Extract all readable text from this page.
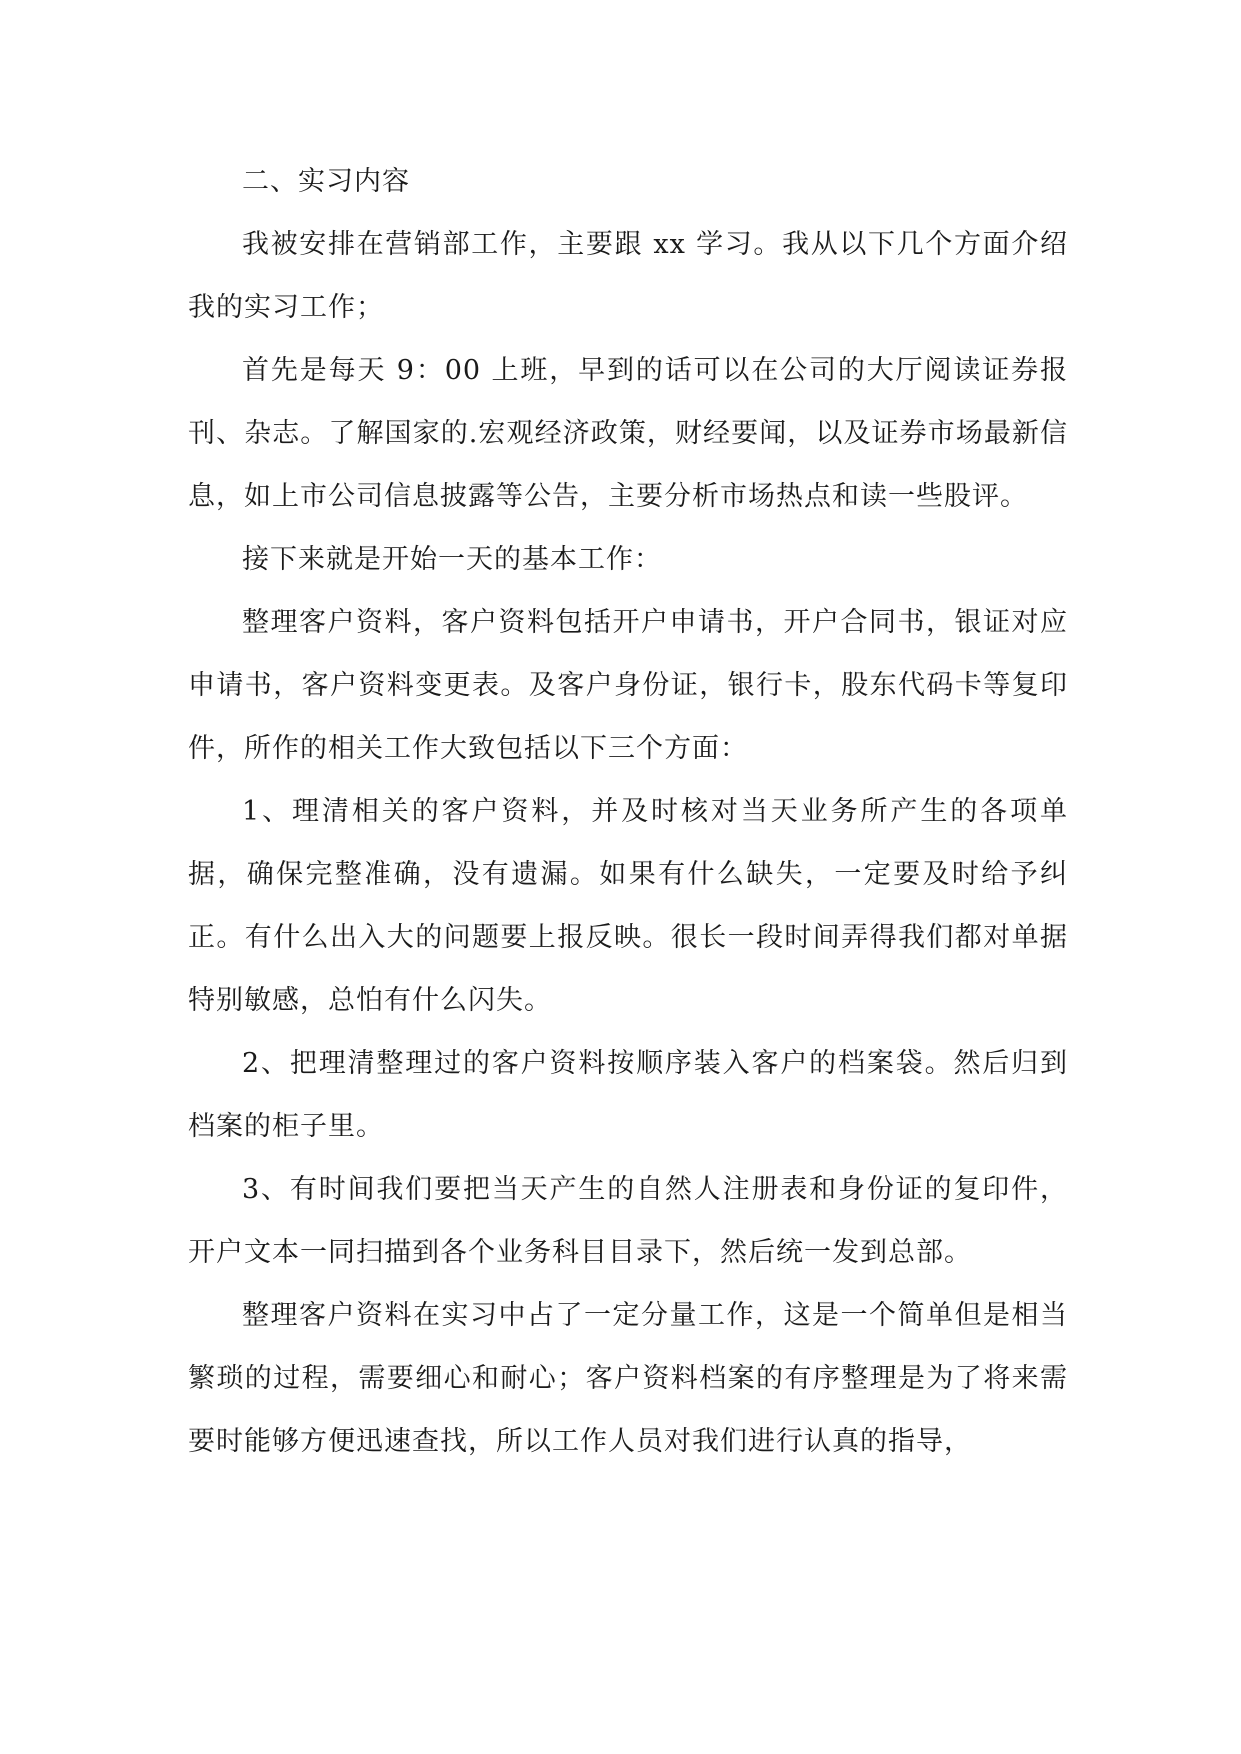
二、实习内容

我被安排在营销部工作，主要跟 xx 学习。我从以下几个方面介绍我的实习工作；

首先是每天 9：00 上班，早到的话可以在公司的大厅阅读证券报刊、杂志。了解国家的.宏观经济政策，财经要闻，以及证券市场最新信息，如上市公司信息披露等公告，主要分析市场热点和读一些股评。

接下来就是开始一天的基本工作：

整理客户资料，客户资料包括开户申请书，开户合同书，银证对应申请书，客户资料变更表。及客户身份证，银行卡，股东代码卡等复印件，所作的相关工作大致包括以下三个方面：

1、理清相关的客户资料，并及时核对当天业务所产生的各项单据，确保完整准确，没有遗漏。如果有什么缺失，一定要及时给予纠正。有什么出入大的问题要上报反映。很长一段时间弄得我们都对单据特别敏感，总怕有什么闪失。

2、把理清整理过的客户资料按顺序装入客户的档案袋。然后归到档案的柜子里。

3、有时间我们要把当天产生的自然人注册表和身份证的复印件，开户文本一同扫描到各个业务科目目录下，然后统一发到总部。

整理客户资料在实习中占了一定分量工作，这是一个简单但是相当繁琐的过程，需要细心和耐心；客户资料档案的有序整理是为了将来需要时能够方便迅速查找，所以工作人员对我们进行认真的指导，
